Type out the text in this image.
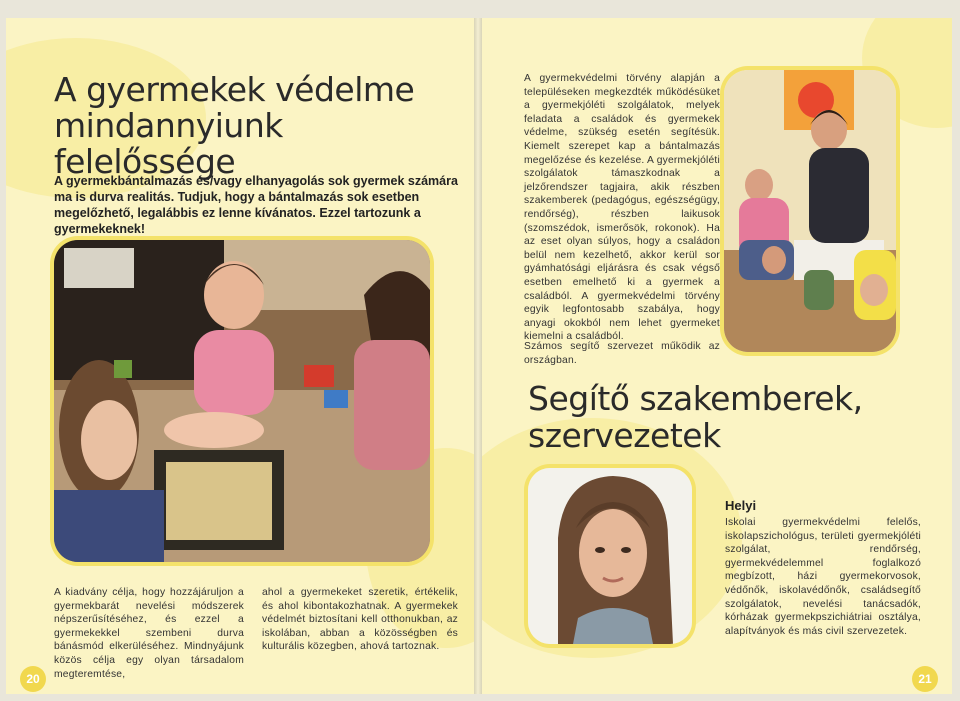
A gyermekek védelme
mindannyiunk felelőssége
A gyermekbántalmazás és/vagy elhanyagolás sok gyermek számára ma is durva realitás. Tudjuk, hogy a bántalmazás sok esetben megelőzhető, legalábbis ez lenne kívánatos. Ezzel tartozunk a gyermekeknek!
A kiadvány célja, hogy hozzájáruljon a gyermekbarát nevelési módszerek népszerűsítéséhez, és ezzel a gyermekekkel szembeni durva bánásmód elkerüléséhez. Mindnyájunk közös célja egy olyan társadalom megteremtése,
ahol a gyermekeket szeretik, értékelik, és ahol kibontakozhatnak. A gyermekek védelmét biztosítani kell otthonukban, az iskolában, abban a közösségben és kulturális közegben, ahová tartoznak.
20
A gyermekvédelmi törvény alapján a településeken megkezdték működésüket a gyermekjóléti szolgálatok, melyek feladata a családok és gyermekek védelme, szükség esetén segítésük. Kiemelt szerepet kap a bántalmazás megelőzése és kezelése. A gyermekjóléti szolgálatok támaszkodnak a jelzőrendszer tagjaira, akik részben szakemberek (pedagógus, egészségügy, rendőrség), részben laikusok (szomszédok, ismerősök, rokonok). Ha az eset olyan súlyos, hogy a családon belül nem kezelhető, akkor kerül sor gyámhatósági eljárásra és csak végső esetben emelhető ki a gyermek a családból. A gyermekvédelmi törvény egyik legfontosabb szabálya, hogy anyagi okokból nem lehet gyermeket kiemelni a családból.
Számos segítő szervezet működik az országban.
Segítő szakemberek,
szervezetek
Helyi
Iskolai gyermekvédelmi felelős, iskolapszichológus, területi gyermekjóléti szolgálat, rendőrség, gyermekvédelemmel foglalkozó megbízott, házi gyermekorvosok, védőnők, iskolavédőnők, családsegítő szolgálatok, nevelési tanácsadók, kórházak gyermekpszichiátriai osztálya, alapítványok és más civil szervezetek.
21
